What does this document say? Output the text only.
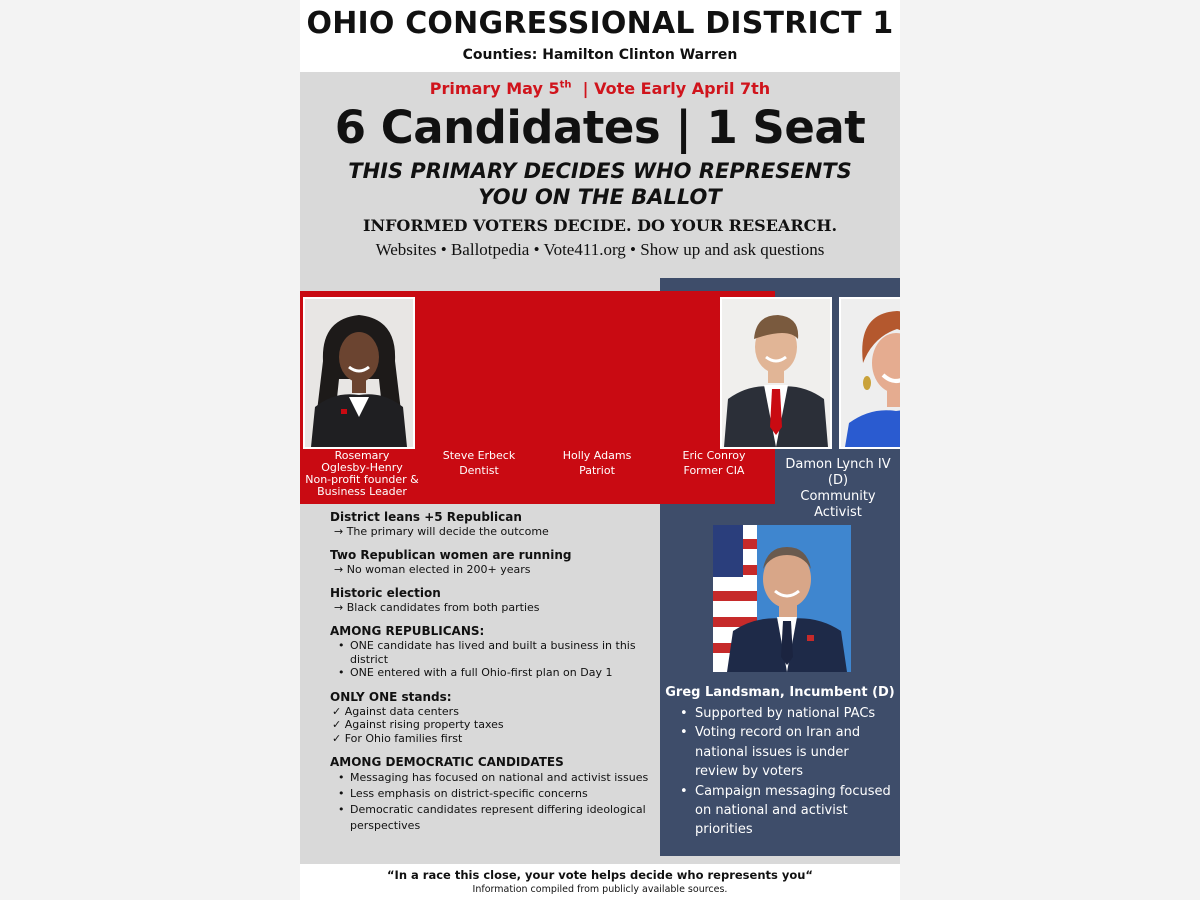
OHIO CONGRESSIONAL DISTRICT 1
Counties: Hamilton Clinton Warren
Primary May 5th  | Vote Early April 7th
6 Candidates | 1 Seat
THIS PRIMARY DECIDES WHO REPRESENTS
YOU ON THE BALLOT
INFORMED VOTERS DECIDE. DO YOUR RESEARCH.
Websites • Ballotpedia • Vote411.org • Show up and ask questions
Rosemary
Oglesby-Henry
Non-profit founder &
Business Leader
Steve Erbeck
Dentist
Holly Adams
Patriot
Eric Conroy
Former CIA	Damon Lynch IV (D)
Community Activist
District leans +5 Republican
→ The primary will decide the outcome
Two Republican women are running
→ No woman elected in 200+ years
Historic election
→ Black candidates from both parties
AMONG REPUBLICANS:
• ONE candidate has lived and built a business in this
district
• ONE entered with a full Ohio-first plan on Day 1
ONLY ONE stands:
✓ Against data centers
✓ Against rising property taxes
✓ For Ohio families first
AMONG DEMOCRATIC CANDIDATES
• Messaging has focused on national and activist issues
• Less emphasis on district-specific concerns
• Democratic candidates represent differing ideological
perspectives
Greg Landsman, Incumbent (D)
• Supported by national PACs
• Voting record on Iran and national issues is under review by voters
• Campaign messaging focused on national and activist priorities
“In a race this close, your vote helps decide who represents you“
Information compiled from publicly available sources.
